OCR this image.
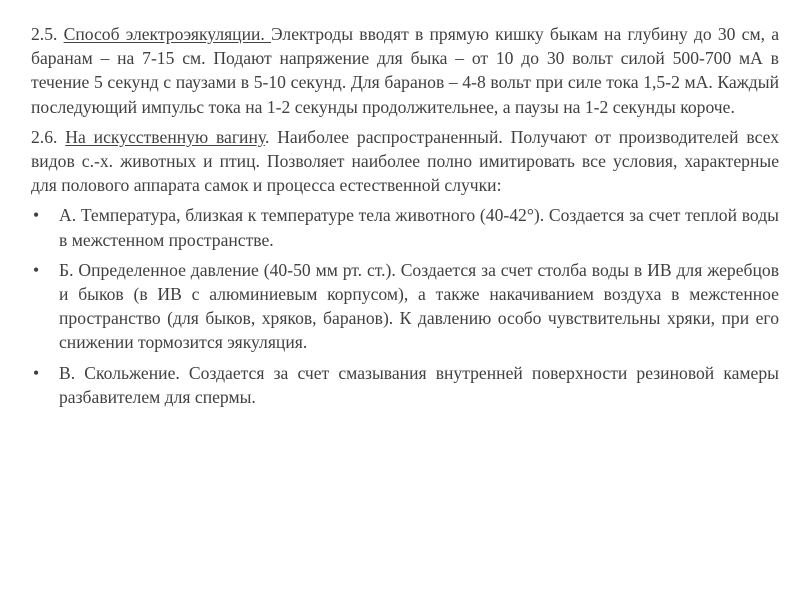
2.5. Способ электроэякуляции. Электроды вводят в прямую кишку быкам на глубину до 30 см, а баранам – на 7-15 см. Подают напряжение для быка – от 10 до 30 вольт силой 500-700 мА в течение 5 секунд с паузами в 5-10 секунд. Для баранов – 4-8 вольт при силе тока 1,5-2 мА. Каждый последующий импульс тока на 1-2 секунды продолжительнее, а паузы на 1-2 секунды короче.

2.6. На искусственную вагину. Наиболее распространенный. Получают от производителей всех видов с.-х. животных и птиц. Позволяет наиболее полно имитировать все условия, характерные для полового аппарата самок и процесса естественной случки:

•	А. Температура, близкая к температуре тела животного (40-42°). Создается за счет теплой воды в межстенном пространстве.
•	Б. Определенное давление (40-50 мм рт. ст.). Создается за счет столба воды в ИВ для жеребцов и быков (в ИВ с алюминиевым корпусом), а также накачиванием воздуха в межстенное пространство (для быков, хряков, баранов). К давлению особо чувствительны хряки, при его снижении тормозится эякуляция.
•	В. Скольжение. Создается за счет смазывания внутренней поверхности резиновой камеры разбавителем для спермы.
